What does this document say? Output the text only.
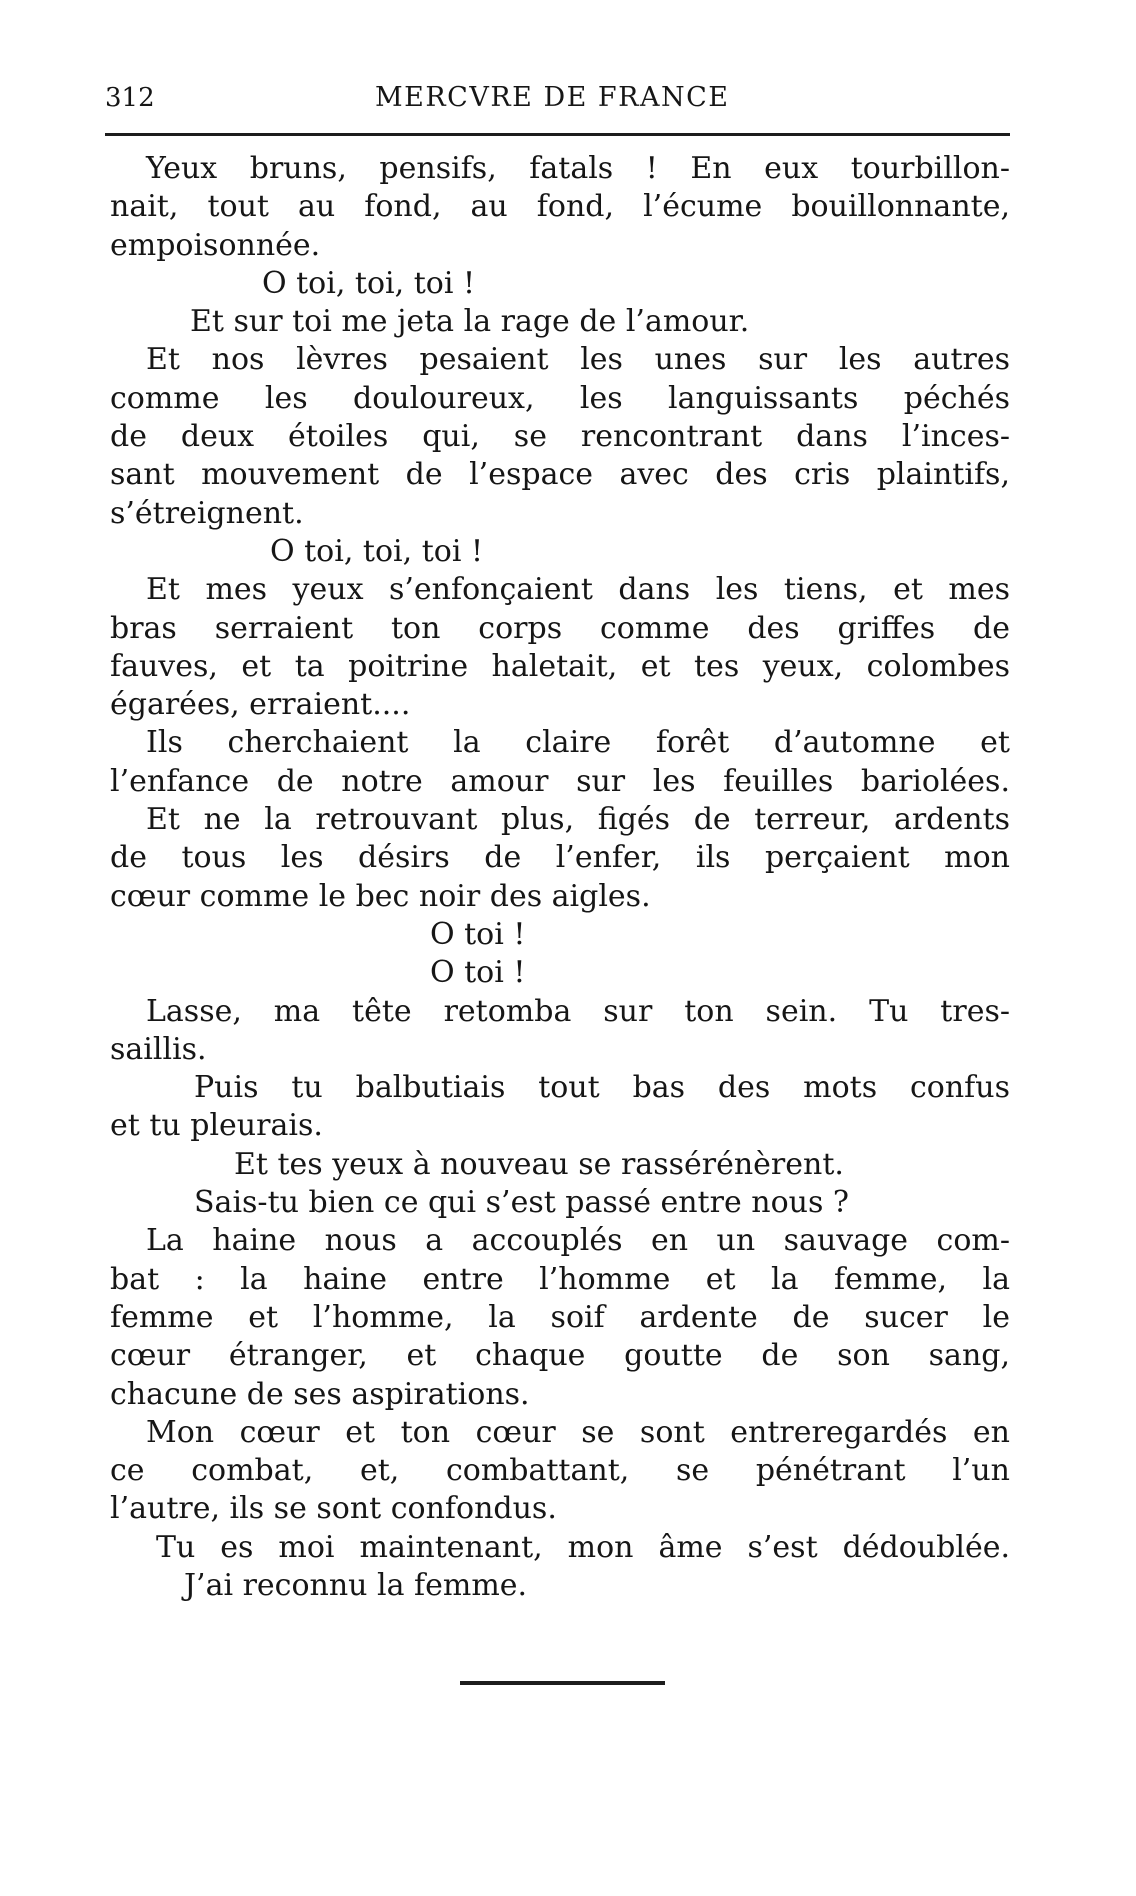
312	MERCVRE DE FRANCE
Yeux bruns, pensifs, fatals ! En eux tourbillon-
nait, tout au fond, au fond, l’écume bouillonnante,
empoisonnée.
O toi, toi, toi !
Et sur toi me jeta la rage de l’amour.
Et nos lèvres pesaient les unes sur les autres
comme les douloureux, les languissants péchés
de deux étoiles qui, se rencontrant dans l’inces-
sant mouvement de l’espace avec des cris plaintifs,
s’étreignent.
O toi, toi, toi !
Et mes yeux s’enfonçaient dans les tiens, et mes
bras serraient ton corps comme des griffes de
fauves, et ta poitrine haletait, et tes yeux, colombes
égarées, erraient....
Ils cherchaient la claire forêt d’automne et
l’enfance de notre amour sur les feuilles bariolées.
Et ne la retrouvant plus, figés de terreur, ardents
de tous les désirs de l’enfer, ils perçaient mon
cœur comme le bec noir des aigles.
O toi !
O toi !
Lasse, ma tête retomba sur ton sein. Tu tres-
saillis.
Puis tu balbutiais tout bas des mots confus
et tu pleurais.
Et tes yeux à nouveau se rassérénèrent.
Sais-tu bien ce qui s’est passé entre nous ?
La haine nous a accouplés en un sauvage com-
bat : la haine entre l’homme et la femme, la
femme et l’homme, la soif ardente de sucer le
cœur étranger, et chaque goutte de son sang,
chacune de ses aspirations.
Mon cœur et ton cœur se sont entreregardés en
ce combat, et, combattant, se pénétrant l’un
l’autre, ils se sont confondus.
Tu es moi maintenant, mon âme s’est dédoublée.
J’ai reconnu la femme.
